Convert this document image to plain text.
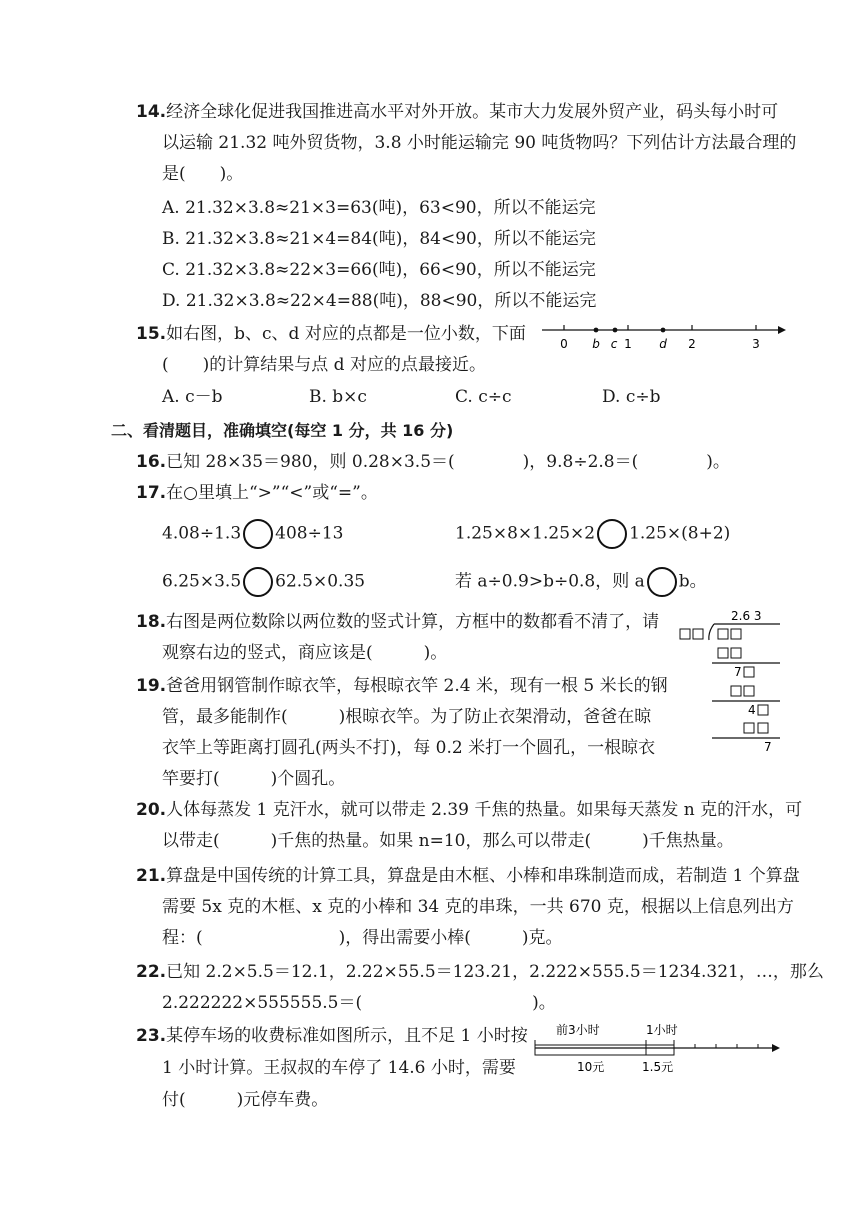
14.经济全球化促进我国推进高水平对外开放。某市大力发展外贸产业，码头每小时可
以运输 21.32 吨外贸货物，3.8 小时能运输完 90 吨货物吗？下列估计方法最合理的
是(　　)。
A. 21.32×3.8≈21×3=63(吨)，63<90，所以不能运完
B. 21.32×3.8≈21×4=84(吨)，84<90，所以不能运完
C. 21.32×3.8≈22×3=66(吨)，66<90，所以不能运完
D. 21.32×3.8≈22×4=88(吨)，88<90，所以不能运完
15.如右图，b、c、d 对应的点都是一位小数，下面
(　　)的计算结果与点 d 对应的点最接近。
0 b c 1 d 2	3
A. c－b	B. b×c	C. c÷c	D. c÷b
二、看清题目，准确填空(每空 1 分，共 16 分)
16.已知 28×35＝980，则 0.28×3.5＝(　　　　)，9.8÷2.8＝(　　　　)。
17.在○里填上“>”“<”或“=”。
4.08÷1.3 408÷13	1.25×8×1.25×2 1.25×(8+2)
6.25×3.5 62.5×0.35	若 a÷0.9>b÷0.8，则 a b。
18.右图是两位数除以两位数的竖式计算，方框中的数都看不清了，请
观察右边的竖式，商应该是(　　　)。
2.6 3
7
4
7
19.爸爸用钢管制作晾衣竿，每根晾衣竿 2.4 米，现有一根 5 米长的钢
管，最多能制作(　　　)根晾衣竿。为了防止衣架滑动，爸爸在晾
衣竿上等距离打圆孔(两头不打)，每 0.2 米打一个圆孔，一根晾衣
竿要打(　　　)个圆孔。
20.人体每蒸发 1 克汗水，就可以带走 2.39 千焦的热量。如果每天蒸发 n 克的汗水，可
以带走(　　　)千焦的热量。如果 n=10，那么可以带走(　　　)千焦热量。
21.算盘是中国传统的计算工具，算盘是由木框、小棒和串珠制造而成，若制造 1 个算盘
需要 5x 克的木框、x 克的小棒和 34 克的串珠，一共 670 克，根据以上信息列出方
程：(　　　　　　　　)，得出需要小棒(　　　)克。
22.已知 2.2×5.5＝12.1，2.22×55.5＝123.21，2.222×555.5＝1234.321，…，那么
2.222222×555555.5＝(　　　　　　　　　　)。
23.某停车场的收费标准如图所示，且不足 1 小时按
1 小时计算。王叔叔的车停了 14.6 小时，需要
付(　　　)元停车费。
前3小时	1小时
10元	1.5元
